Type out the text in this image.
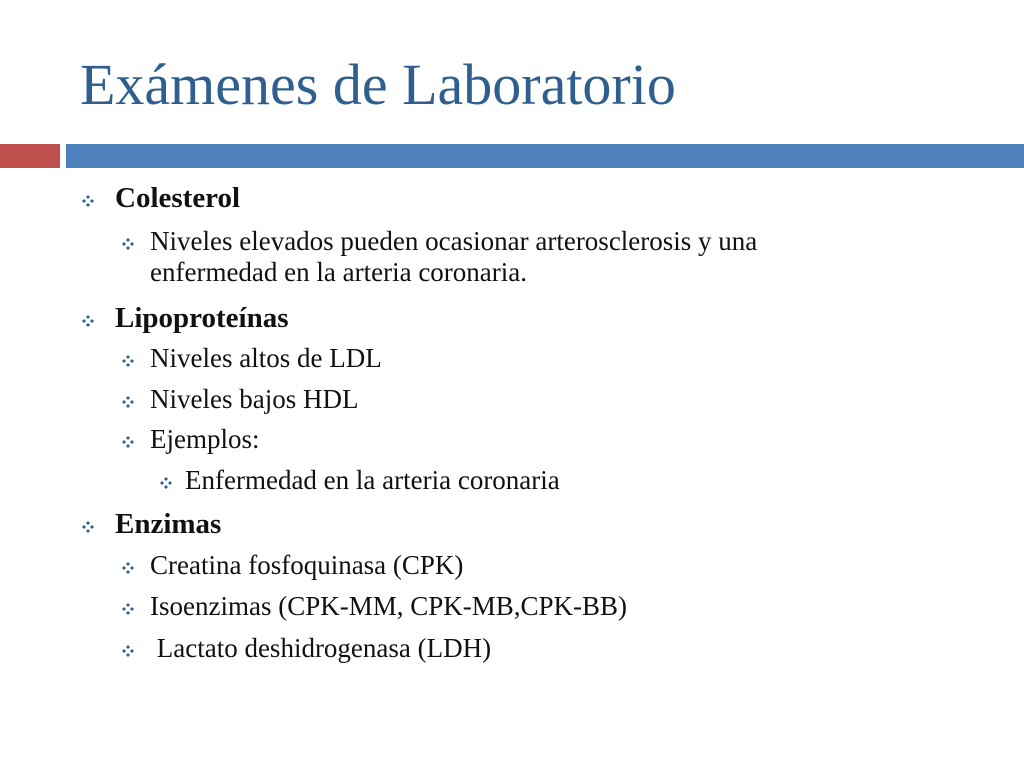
Exámenes de Laboratorio
Colesterol
Niveles elevados pueden ocasionar arterosclerosis y una
enfermedad en la arteria coronaria.
Lipoproteínas
Niveles altos de LDL
Niveles bajos HDL
Ejemplos:
Enfermedad en la arteria coronaria
Enzimas
Creatina fosfoquinasa (CPK)
Isoenzimas (CPK-MM, CPK-MB,CPK-BB)
Lactato deshidrogenasa (LDH)
